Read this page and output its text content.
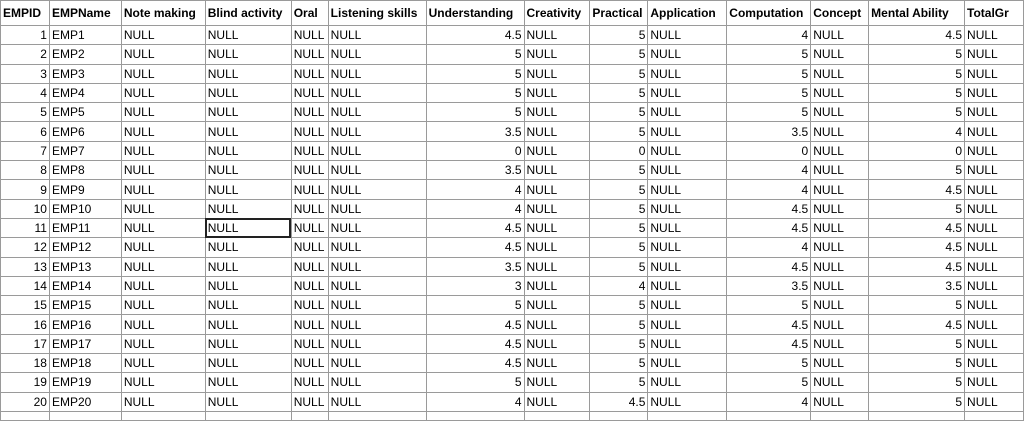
EMPID	EMPName	Note making	Blind activity	Oral	Listening skills	Understanding	Creativity	Practical	Application	Computation	Concept	Mental Ability	TotalGr
1	EMP1	NULL	NULL	NULL	NULL	4.5	NULL	5	NULL	4	NULL	4.5	NULL
2	EMP2	NULL	NULL	NULL	NULL	5	NULL	5	NULL	5	NULL	5	NULL
3	EMP3	NULL	NULL	NULL	NULL	5	NULL	5	NULL	5	NULL	5	NULL
4	EMP4	NULL	NULL	NULL	NULL	5	NULL	5	NULL	5	NULL	5	NULL
5	EMP5	NULL	NULL	NULL	NULL	5	NULL	5	NULL	5	NULL	5	NULL
6	EMP6	NULL	NULL	NULL	NULL	3.5	NULL	5	NULL	3.5	NULL	4	NULL
7	EMP7	NULL	NULL	NULL	NULL	0	NULL	0	NULL	0	NULL	0	NULL
8	EMP8	NULL	NULL	NULL	NULL	3.5	NULL	5	NULL	4	NULL	5	NULL
9	EMP9	NULL	NULL	NULL	NULL	4	NULL	5	NULL	4	NULL	4.5	NULL
10	EMP10	NULL	NULL	NULL	NULL	4	NULL	5	NULL	4.5	NULL	5	NULL
11	EMP11	NULL	NULL	NULL	NULL	4.5	NULL	5	NULL	4.5	NULL	4.5	NULL
12	EMP12	NULL	NULL	NULL	NULL	4.5	NULL	5	NULL	4	NULL	4.5	NULL
13	EMP13	NULL	NULL	NULL	NULL	3.5	NULL	5	NULL	4.5	NULL	4.5	NULL
14	EMP14	NULL	NULL	NULL	NULL	3	NULL	4	NULL	3.5	NULL	3.5	NULL
15	EMP15	NULL	NULL	NULL	NULL	5	NULL	5	NULL	5	NULL	5	NULL
16	EMP16	NULL	NULL	NULL	NULL	4.5	NULL	5	NULL	4.5	NULL	4.5	NULL
17	EMP17	NULL	NULL	NULL	NULL	4.5	NULL	5	NULL	4.5	NULL	5	NULL
18	EMP18	NULL	NULL	NULL	NULL	4.5	NULL	5	NULL	5	NULL	5	NULL
19	EMP19	NULL	NULL	NULL	NULL	5	NULL	5	NULL	5	NULL	5	NULL
20	EMP20	NULL	NULL	NULL	NULL	4	NULL	4.5	NULL	4	NULL	5	NULL
